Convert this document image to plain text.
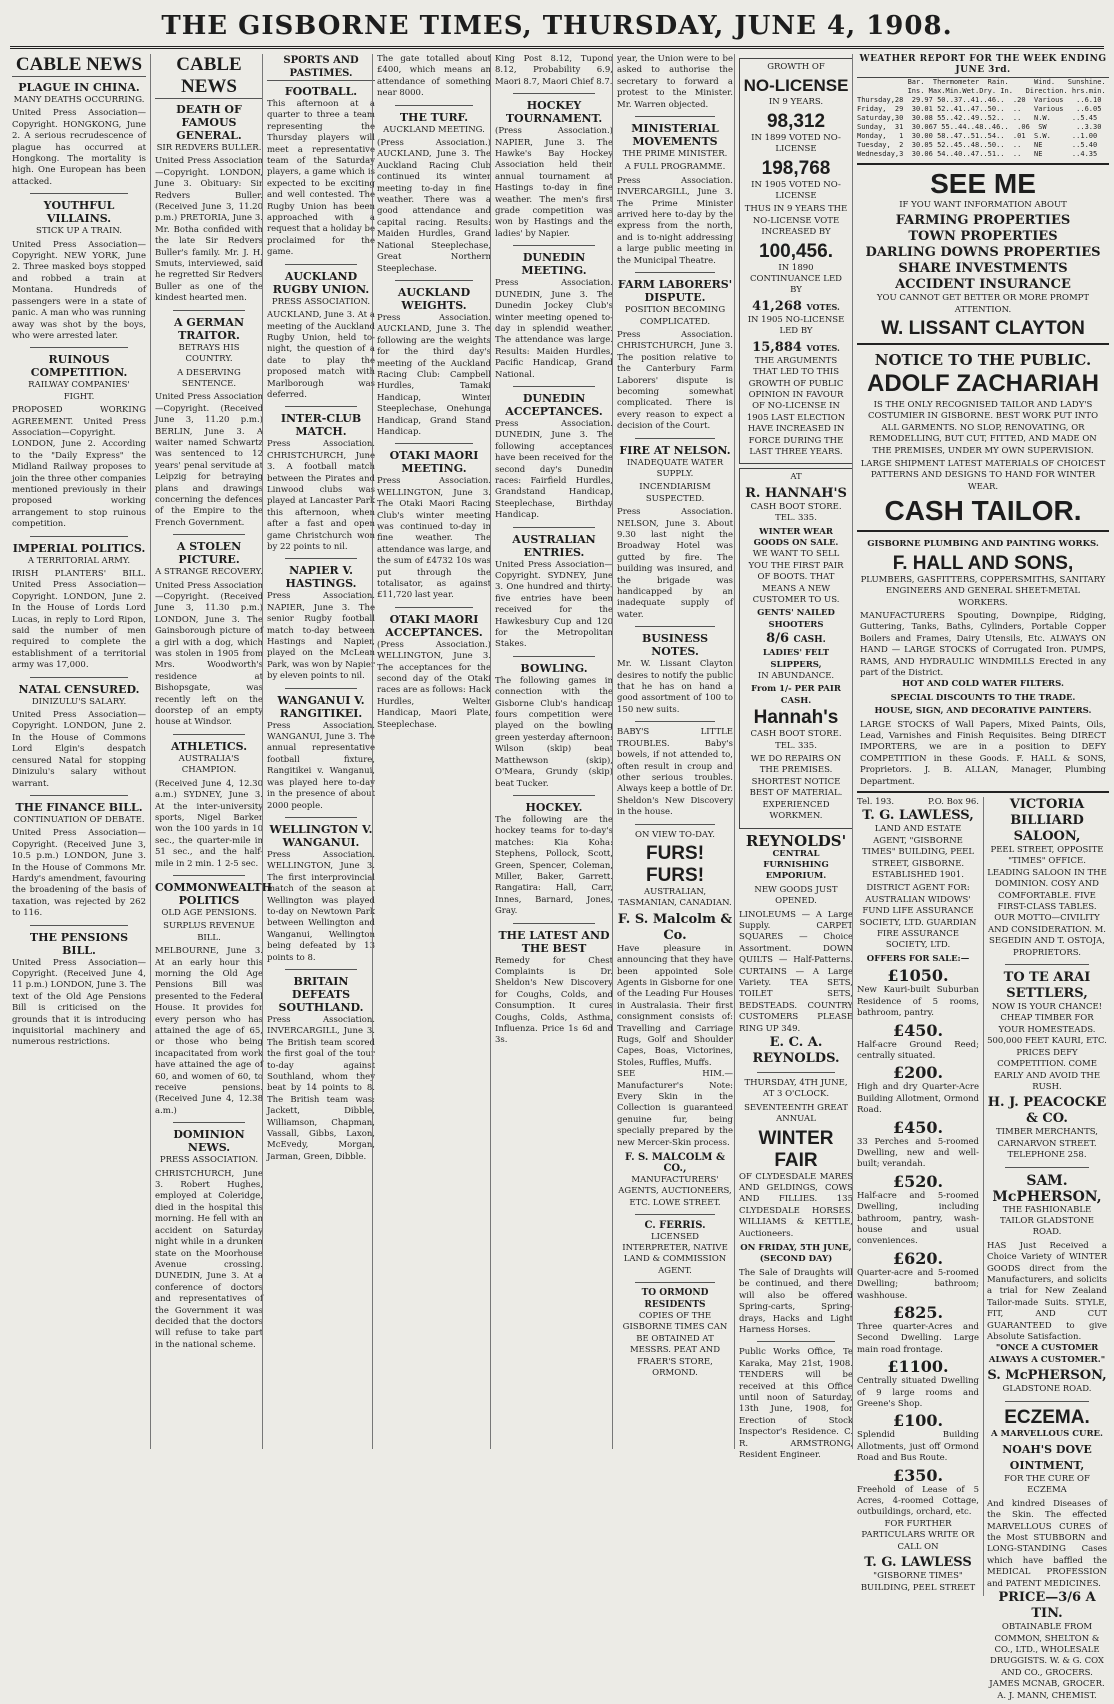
THE GISBORNE TIMES, THURSDAY, JUNE 4, 1908.
CABLE NEWS
PLAGUE IN CHINA.
MANY DEATHS OCCURRING.
United Press Association—Copyright. HONGKONG, June 2. A serious recrudescence of plague has occurred at Hongkong. The mortality is high. One European has been attacked.
YOUTHFUL VILLAINS.
STICK UP A TRAIN.
United Press Association—Copyright. NEW YORK, June 2. Three masked boys stopped and robbed a train at Montana. Hundreds of passengers were in a state of panic. A man who was running away was shot by the boys, who were arrested later.
RUINOUS COMPETITION.
RAILWAY COMPANIES' FIGHT.
PROPOSED WORKING AGREEMENT. United Press Association—Copyright. LONDON, June 2. According to the "Daily Express" the Midland Railway proposes to join the three other companies mentioned previously in their proposed working arrangement to stop ruinous competition.
IMPERIAL POLITICS.
A TERRITORIAL ARMY.
IRISH PLANTERS' BILL. United Press Association—Copyright. LONDON, June 2. In the House of Lords Lord Lucas, in reply to Lord Ripon, said the number of men required to complete the establishment of a territorial army was 17,000.
NATAL CENSURED.
DINIZULU'S SALARY.
United Press Association—Copyright. LONDON, June 2. In the House of Commons Lord Elgin's despatch censured Natal for stopping Dinizulu's salary without warrant.
THE FINANCE BILL.
CONTINUATION OF DEBATE.
United Press Association—Copyright. (Received June 3, 10.5 p.m.) LONDON, June 3. In the House of Commons Mr. Hardy's amendment, favouring the broadening of the basis of taxation, was rejected by 262 to 116.
THE PENSIONS BILL.
United Press Association—Copyright. (Received June 4, 11 p.m.) LONDON, June 3. The text of the Old Age Pensions Bill is criticised on the grounds that it is introducing inquisitorial machinery and numerous restrictions.
CABLE NEWS
DEATH OF FAMOUS GENERAL.
SIR REDVERS BULLER.
United Press Association—Copyright. LONDON, June 3. Obituary: Sir Redvers Buller. (Received June 3, 11.20 p.m.) PRETORIA, June 3. Mr. Botha confided with the late Sir Redvers Buller's family. Mr. J. H. Smuts, interviewed, said he regretted Sir Redvers Buller as one of the kindest hearted men.
A GERMAN TRAITOR.
BETRAYS HIS COUNTRY.
A DESERVING SENTENCE.
United Press Association—Copyright. (Received June 3, 11.20 p.m.) BERLIN, June 3. A waiter named Schwartz was sentenced to 12 years' penal servitude at Leipzig for betraying plans and drawings concerning the defences of the Empire to the French Government.
A STOLEN PICTURE.
A STRANGE RECOVERY.
United Press Association—Copyright. (Received June 3, 11.30 p.m.) LONDON, June 3. The Gainsborough picture of a girl with a dog, which was stolen in 1905 from Mrs. Woodworth's residence at Bishopsgate, was recently left on the doorstep of an empty house at Windsor.
ATHLETICS.
AUSTRALIA'S CHAMPION.
(Received June 4, 12.30 a.m.) SYDNEY, June 3. At the inter-university sports, Nigel Barker won the 100 yards in 10 sec., the quarter-mile in 51 sec., and the half-mile in 2 min. 1 2-5 sec.
COMMONWEALTH POLITICS
OLD AGE PENSIONS.
SURPLUS REVENUE BILL.
MELBOURNE, June 3. At an early hour this morning the Old Age Pensions Bill was presented to the Federal House. It provides for every person who has attained the age of 65, or those who being incapacitated from work have attained the age of 60, and women of 60, to receive pensions. (Received June 4, 12.38 a.m.)
DOMINION NEWS.
PRESS ASSOCIATION.
CHRISTCHURCH, June 3. Robert Hughes, employed at Coleridge, died in the hospital this morning. He fell with an accident on Saturday night while in a drunken state on the Moorhouse Avenue crossing. DUNEDIN, June 3. At a conference of doctors and representatives of the Government it was decided that the doctors will refuse to take part in the national scheme.
SPORTS AND PASTIMES.
FOOTBALL.
This afternoon at a quarter to three a team representing the Thursday players will meet a representative team of the Saturday players, a game which is expected to be exciting and well contested. The Rugby Union has been approached with a request that a holiday be proclaimed for the game.
AUCKLAND RUGBY UNION.
PRESS ASSOCIATION.
AUCKLAND, June 3. At a meeting of the Auckland Rugby Union, held to-night, the question of a date to play the proposed match with Marlborough was deferred.
INTER-CLUB MATCH.
Press Association. CHRISTCHURCH, June 3. A football match between the Pirates and Linwood clubs was played at Lancaster Park this afternoon, when after a fast and open game Christchurch won by 22 points to nil.
NAPIER V. HASTINGS.
Press Association. NAPIER, June 3. The senior Rugby football match to-day between Hastings and Napier, played on the McLean Park, was won by Napier by eleven points to nil.
WANGANUI V. RANGITIKEI.
Press Association. WANGANUI, June 3. The annual representative football fixture, Rangitikei v. Wanganui, was played here to-day in the presence of about 2000 people.
WELLINGTON V. WANGANUI.
Press Association. WELLINGTON, June 3. The first interprovincial match of the season at Wellington was played to-day on Newtown Park between Wellington and Wanganui, Wellington being defeated by 13 points to 8.
BRITAIN DEFEATS SOUTHLAND.
Press Association. INVERCARGILL, June 3. The British team scored the first goal of the tour to-day against Southland, whom they beat by 14 points to 8. The British team was: Jackett, Dibble, Williamson, Chapman, Vassall, Gibbs, Laxon, McEvedy, Morgan, Jarman, Green, Dibble.
The gate totalled about £400, which means an attendance of something near 8000.
THE TURF.
AUCKLAND MEETING.
(Press Association.) AUCKLAND, June 3. The Auckland Racing Club continued its winter meeting to-day in fine weather. There was a good attendance and capital racing. Results: Maiden Hurdles, Grand National Steeplechase, Great Northern Steeplechase.
AUCKLAND WEIGHTS.
Press Association. AUCKLAND, June 3. The following are the weights for the third day's meeting of the Auckland Racing Club: Campbell Hurdles, Tamaki Handicap, Winter Steeplechase, Onehunga Handicap, Grand Stand Handicap.
OTAKI MAORI MEETING.
Press Association. WELLINGTON, June 3. The Otaki Maori Racing Club's winter meeting was continued to-day in fine weather. The attendance was large, and the sum of £4732 10s was put through the totalisator, as against £11,720 last year.
OTAKI MAORI ACCEPTANCES.
(Press Association.) WELLINGTON, June 3. The acceptances for the second day of the Otaki races are as follows: Hack Hurdles, Welter Handicap, Maori Plate, Steeplechase.
King Post 8.12, Tupono 8.12, Probability 6.9, Maori 8.7, Maori Chief 8.7.
HOCKEY TOURNAMENT.
(Press Association.) NAPIER, June 3. The Hawke's Bay Hockey Association held their annual tournament at Hastings to-day in fine weather. The men's first grade competition was won by Hastings and the ladies' by Napier.
DUNEDIN MEETING.
Press Association. DUNEDIN, June 3. The Dunedin Jockey Club's winter meeting opened to-day in splendid weather. The attendance was large. Results: Maiden Hurdles, Pacific Handicap, Grand National.
DUNEDIN ACCEPTANCES.
Press Association. DUNEDIN, June 3. The following acceptances have been received for the second day's Dunedin races: Fairfield Hurdles, Grandstand Handicap, Steeplechase, Birthday Handicap.
AUSTRALIAN ENTRIES.
United Press Association—Copyright. SYDNEY, June 3. One hundred and thirty-five entries have been received for the Hawkesbury Cup and 120 for the Metropolitan Stakes.
BOWLING.
The following games in connection with the Gisborne Club's handicap fours competition were played on the bowling green yesterday afternoon: Wilson (skip) beat Matthewson (skip), O'Meara, Grundy (skip) beat Tucker.
HOCKEY.
The following are the hockey teams for to-day's matches: Kia Koha: Stephens, Pollock, Scott, Green, Spencer, Coleman, Miller, Baker, Garrett. Rangatira: Hall, Carr, Innes, Barnard, Jones, Gray.
THE LATEST AND THE BEST
Remedy for Chest Complaints is Dr. Sheldon's New Discovery for Coughs, Colds, and Consumption. It cures Coughs, Colds, Asthma, Influenza. Price 1s 6d and 3s.
year, the Union were to be asked to authorise the secretary to forward a protest to the Minister. Mr. Warren objected.
MINISTERIAL MOVEMENTS
THE PRIME MINISTER.
A FULL PROGRAMME.
Press Association. INVERCARGILL, June 3. The Prime Minister arrived here to-day by the express from the north, and is to-night addressing a large public meeting in the Municipal Theatre.
FARM LABORERS' DISPUTE.
POSITION BECOMING COMPLICATED.
Press Association. CHRISTCHURCH, June 3. The position relative to the Canterbury Farm Laborers' dispute is becoming somewhat complicated. There is every reason to expect a decision of the Court.
FIRE AT NELSON.
INADEQUATE WATER SUPPLY.
INCENDIARISM SUSPECTED.
Press Association. NELSON, June 3. About 9.30 last night the Broadway Hotel was gutted by fire. The building was insured, and the brigade was handicapped by an inadequate supply of water.
BUSINESS NOTES.
Mr. W. Lissant Clayton desires to notify the public that he has on hand a good assortment of 100 to 150 new suits.
BABY'S LITTLE TROUBLES. Baby's bowels, if not attended to, often result in croup and other serious troubles. Always keep a bottle of Dr. Sheldon's New Discovery in the house.
ON VIEW TO-DAY.
FURS! FURS!
AUSTRALIAN, TASMANIAN, CANADIAN.
F. S. Malcolm & Co.
Have pleasure in announcing that they have been appointed Sole Agents in Gisborne for one of the Leading Fur Houses in Australasia. Their first consignment consists of: Travelling and Carriage Rugs, Golf and Shoulder Capes, Boas, Victorines, Stoles, Ruffles, Muffs.
SEE HIM.—Manufacturer's Note: Every Skin in the Collection is guaranteed genuine fur, being specially prepared by the new Mercer-Skin process.
F. S. MALCOLM & CO.,
MANUFACTURERS' AGENTS, AUCTIONEERS, ETC. LOWE STREET.
C. FERRIS.
LICENSED INTERPRETER, NATIVE LAND & COMMISSION AGENT.
TO ORMOND RESIDENTS
COPIES OF THE GISBORNE TIMES CAN BE OBTAINED AT MESSRS. PEAT AND FRAER'S STORE, ORMOND.
GROWTH OF
NO-LICENSE
IN 9 YEARS.
98,312
IN 1899 VOTED NO-LICENSE
198,768
IN 1905 VOTED NO-LICENSE
THUS IN 9 YEARS THE NO-LICENSE VOTE INCREASED BY
100,456.
IN 1890 CONTINUANCE LED BY
41,268 VOTES.
IN 1905 NO-LICENSE LED BY
15,884 VOTES.
THE ARGUMENTS THAT LED TO THIS GROWTH OF PUBLIC OPINION IN FAVOUR OF NO-LICENSE IN 1905 LAST ELECTION HAVE INCREASED IN FORCE DURING THE LAST THREE YEARS.
AT
R. HANNAH'S
CASH BOOT STORE. TEL. 335.
WINTER WEAR GOODS ON SALE.
WE WANT TO SELL YOU THE FIRST PAIR OF BOOTS. THAT MEANS A NEW CUSTOMER TO US.
GENTS' NAILED SHOOTERS
8/6 CASH.
LADIES' FELT SLIPPERS,
IN ABUNDANCE.
From 1/- PER PAIR CASH.
Hannah's
CASH BOOT STORE. TEL. 335.
WE DO REPAIRS ON THE PREMISES. SHORTEST NOTICE BEST OF MATERIAL. EXPERIENCED WORKMEN.
REYNOLDS'
CENTRAL FURNISHING EMPORIUM.
NEW GOODS JUST OPENED.
LINOLEUMS — A Large Supply. CARPET SQUARES — Choice Assortment. DOWN QUILTS — Half-Patterns. CURTAINS — A Large Variety. TEA SETS, TOILET SETS, BEDSTEADS. COUNTRY CUSTOMERS PLEASE RING UP 349.
E. C. A. REYNOLDS.
THURSDAY, 4TH JUNE, AT 3 O'CLOCK.
SEVENTEENTH GREAT ANNUAL
WINTER FAIR
OF CLYDESDALE MARES AND GELDINGS, COWS AND FILLIES. 135 CLYDESDALE HORSES. WILLIAMS & KETTLE, Auctioneers.
ON FRIDAY, 5TH JUNE, (SECOND DAY)
The Sale of Draughts will be continued, and there will also be offered Spring-carts, Spring-drays, Hacks and Light Harness Horses.
Public Works Office, Te Karaka, May 21st, 1908. TENDERS will be received at this Office until noon of Saturday, 13th June, 1908, for Erection of Stock Inspector's Residence. C. R. ARMSTRONG, Resident Engineer.
WEATHER REPORT FOR THE WEEK ENDING JUNE 3rd.
Bar.  Thermometer  Rain.      Wind.   Sunshine.
Ins. Max.Min.Wet.Dry. In.   Direction. hrs.min.
Thursday,28  29.97 50..37..41..46..  .20  Various   ..6.10
Friday,  29  30.01 52..41..47..50..  ..   Various   ..6.05
Saturday,30  30.08 55..42..49..52..  ..   N.W.     ..5.45
Sunday,  31  30.067 55..44..48..46..  .06  SW       ..3.30
Monday,   1  30.00 58..47..51..54..  .01  S.W.     ..1.00
Tuesday,  2  30.05 52..45..48..50..  ..   NE       ..5.40
Wednesday,3  30.06 54..40..47..51..  ..   NE       ..4.35
SEE ME
IF YOU WANT INFORMATION ABOUT
FARMING PROPERTIES
TOWN PROPERTIES
DARLING DOWNS PROPERTIES
SHARE INVESTMENTS
ACCIDENT INSURANCE
YOU CANNOT GET BETTER OR MORE PROMPT ATTENTION.
W. LISSANT CLAYTON
NOTICE TO THE PUBLIC.
ADOLF ZACHARIAH
IS THE ONLY RECOGNISED TAILOR AND LADY'S COSTUMIER IN GISBORNE. BEST WORK PUT INTO ALL GARMENTS. NO SLOP, RENOVATING, OR REMODELLING, BUT CUT, FITTED, AND MADE ON THE PREMISES, UNDER MY OWN SUPERVISION.
LARGE SHIPMENT LATEST MATERIALS OF CHOICEST PATTERNS AND DESIGNS TO HAND FOR WINTER WEAR.
CASH TAILOR.
GISBORNE PLUMBING AND PAINTING WORKS.
F. HALL AND SONS,
PLUMBERS, GASFITTERS, COPPERSMITHS, SANITARY ENGINEERS AND GENERAL SHEET-METAL WORKERS.
MANUFACTURERS Spouting, Downpipe, Ridging, Guttering, Tanks, Baths, Cylinders, Portable Copper Boilers and Frames, Dairy Utensils, Etc. ALWAYS ON HAND — LARGE STOCKS of Corrugated Iron. PUMPS, RAMS, AND HYDRAULIC WINDMILLS Erected in any part of the District.
HOT AND COLD WATER FILTERS.
SPECIAL DISCOUNTS TO THE TRADE.
HOUSE, SIGN, AND DECORATIVE PAINTERS.
LARGE STOCKS of Wall Papers, Mixed Paints, Oils, Lead, Varnishes and Finish Requisites. Being DIRECT IMPORTERS, we are in a position to DEFY COMPETITION in these Goods. F. HALL & SONS, Proprietors. J. B. ALLAN, Manager, Plumbing Department.
Tel. 193.	P.O. Box 96.
T. G. LAWLESS,
LAND AND ESTATE AGENT, "GISBORNE TIMES" BUILDING, PEEL STREET, GISBORNE. ESTABLISHED 1901.
DISTRICT AGENT FOR: AUSTRALIAN WIDOWS' FUND LIFE ASSURANCE SOCIETY, LTD. GUARDIAN FIRE ASSURANCE SOCIETY, LTD.
OFFERS FOR SALE:—
£1050.
New Kauri-built Suburban Residence of 5 rooms, bathroom, pantry.
£450.
Half-acre Ground Reed; centrally situated.
£200.
High and dry Quarter-Acre Building Allotment, Ormond Road.
£450.
33 Perches and 5-roomed Dwelling, new and well-built; verandah.
£520.
Half-acre and 5-roomed Dwelling, including bathroom, pantry, wash-house and usual conveniences.
£620.
Quarter-acre and 5-roomed Dwelling; bathroom; washhouse.
£825.
Three quarter-Acres and Second Dwelling. Large main road frontage.
£1100.
Centrally situated Dwelling of 9 large rooms and Greene's Shop.
£100.
Splendid Building Allotments, just off Ormond Road and Bus Route.
£350.
Freehold of Lease of 5 Acres, 4-roomed Cottage, outbuildings, orchard, etc.
FOR FURTHER PARTICULARS WRITE OR CALL ON
T. G. LAWLESS
"GISBORNE TIMES" BUILDING, PEEL STREET
VICTORIA BILLIARD SALOON,
PEEL STREET, OPPOSITE "TIMES" OFFICE. LEADING SALOON IN THE DOMINION. COSY AND COMFORTABLE. FIVE FIRST-CLASS TABLES. OUR MOTTO—CIVILITY AND CONSIDERATION. M. SEGEDIN AND T. OSTOJA, PROPRIETORS.
TO TE ARAI SETTLERS,
NOW IS YOUR CHANCE! CHEAP TIMBER FOR YOUR HOMESTEADS. 500,000 FEET KAURI, ETC. PRICES DEFY COMPETITION. COME EARLY AND AVOID THE RUSH.
H. J. PEACOCKE & CO.
TIMBER MERCHANTS, CARNARVON STREET. TELEPHONE 258.
SAM. McPHERSON,
THE FASHIONABLE TAILOR GLADSTONE ROAD.
HAS Just Received a Choice Variety of WINTER GOODS direct from the Manufacturers, and solicits a trial for New Zealand Tailor-made Suits. STYLE, FIT, AND CUT GUARANTEED to give Absolute Satisfaction.
"ONCE A CUSTOMER ALWAYS A CUSTOMER."
S. McPHERSON,
GLADSTONE ROAD.
ECZEMA.
A MARVELLOUS CURE.
NOAH'S DOVE OINTMENT,
FOR THE CURE OF ECZEMA
And kindred Diseases of the Skin. The effected MARVELLOUS CURES of the Most STUBBORN and LONG-STANDING Cases which have baffled the MEDICAL PROFESSION and PATENT MEDICINES.
PRICE—3/6 A TIN.
OBTAINABLE FROM COMMON, SHELTON & CO., LTD., WHOLESALE DRUGGISTS. W. & G. COX AND CO., GROCERS. JAMES MCNAB, GROCER. A. J. MANN, CHEMIST.
